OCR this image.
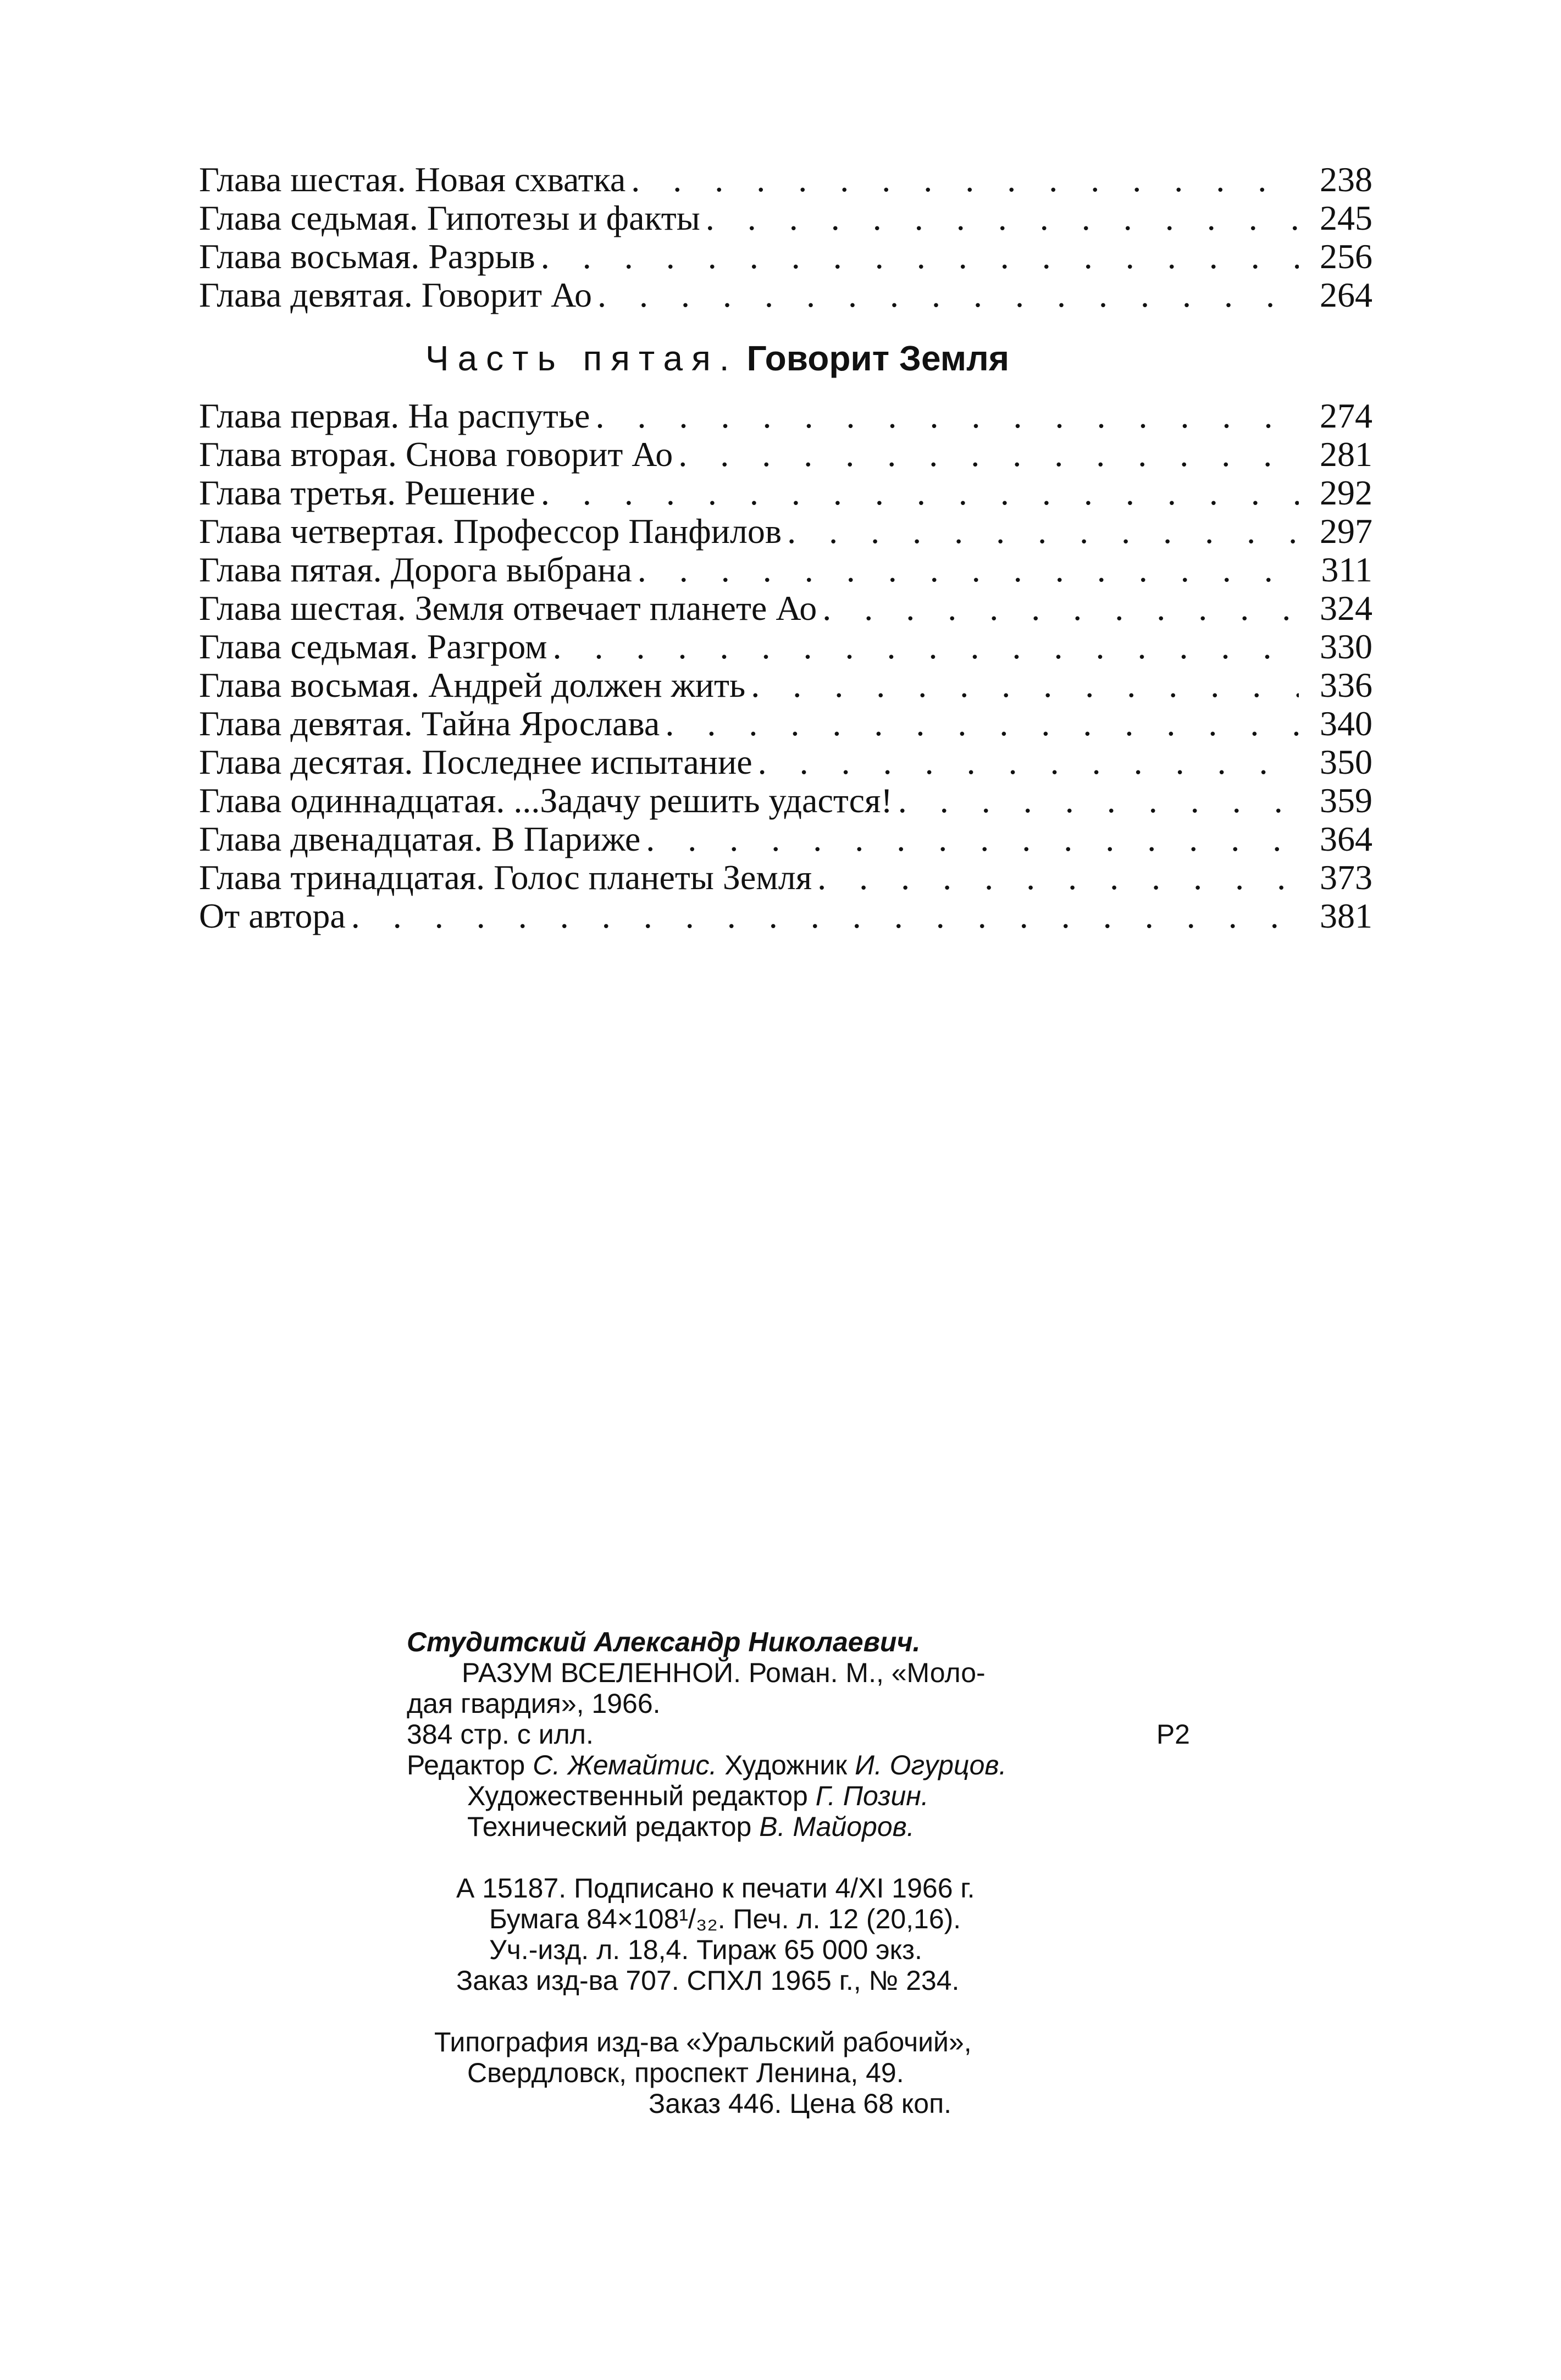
Глава шестая. Новая схватка . . .	238
Глава седьмая. Гипотезы и факты . . .	245
Глава восьмая. Разрыв . . .	256
Глава девятая. Говорит Ао . . .	264
Часть пятая. Говорит Земля
Глава первая. На распутье . . .	274
Глава вторая. Снова говорит Ао . . .	281
Глава третья. Решение . . .	292
Глава четвертая. Профессор Панфилов . . .	297
Глава пятая. Дорога выбрана . . .	311
Глава шестая. Земля отвечает планете Ао . . .	324
Глава седьмая. Разгром . . .	330
Глава восьмая. Андрей должен жить . . .	336
Глава девятая. Тайна Ярослава . . .	340
Глава десятая. Последнее испытание . . .	350
Глава одиннадцатая. ...Задачу решить удастся! . . .	359
Глава двенадцатая. В Париже . . .	364
Глава тринадцатая. Голос планеты Земля . . .	373
От автора . . .	381
Студитский Александр Николаевич.
РАЗУМ ВСЕЛЕННОЙ. Роман. М., «Моло-
дая гвардия», 1966.
384 стр. с илл.	Р2
Редактор С. Жемайтис. Художник И. Огурцов.
Художественный редактор Г. Позин.
Технический редактор В. Майоров.
А 15187. Подписано к печати 4/XI 1966 г.
Бумага 84×108¹/₃₂. Печ. л. 12 (20,16).
Уч.-изд. л. 18,4. Тираж 65 000 экз.
Заказ изд-ва 707. СПХЛ 1965 г., № 234.
Типография изд-ва «Уральский рабочий»,
Свердловск, проспект Ленина, 49.
Заказ 446. Цена 68 коп.
